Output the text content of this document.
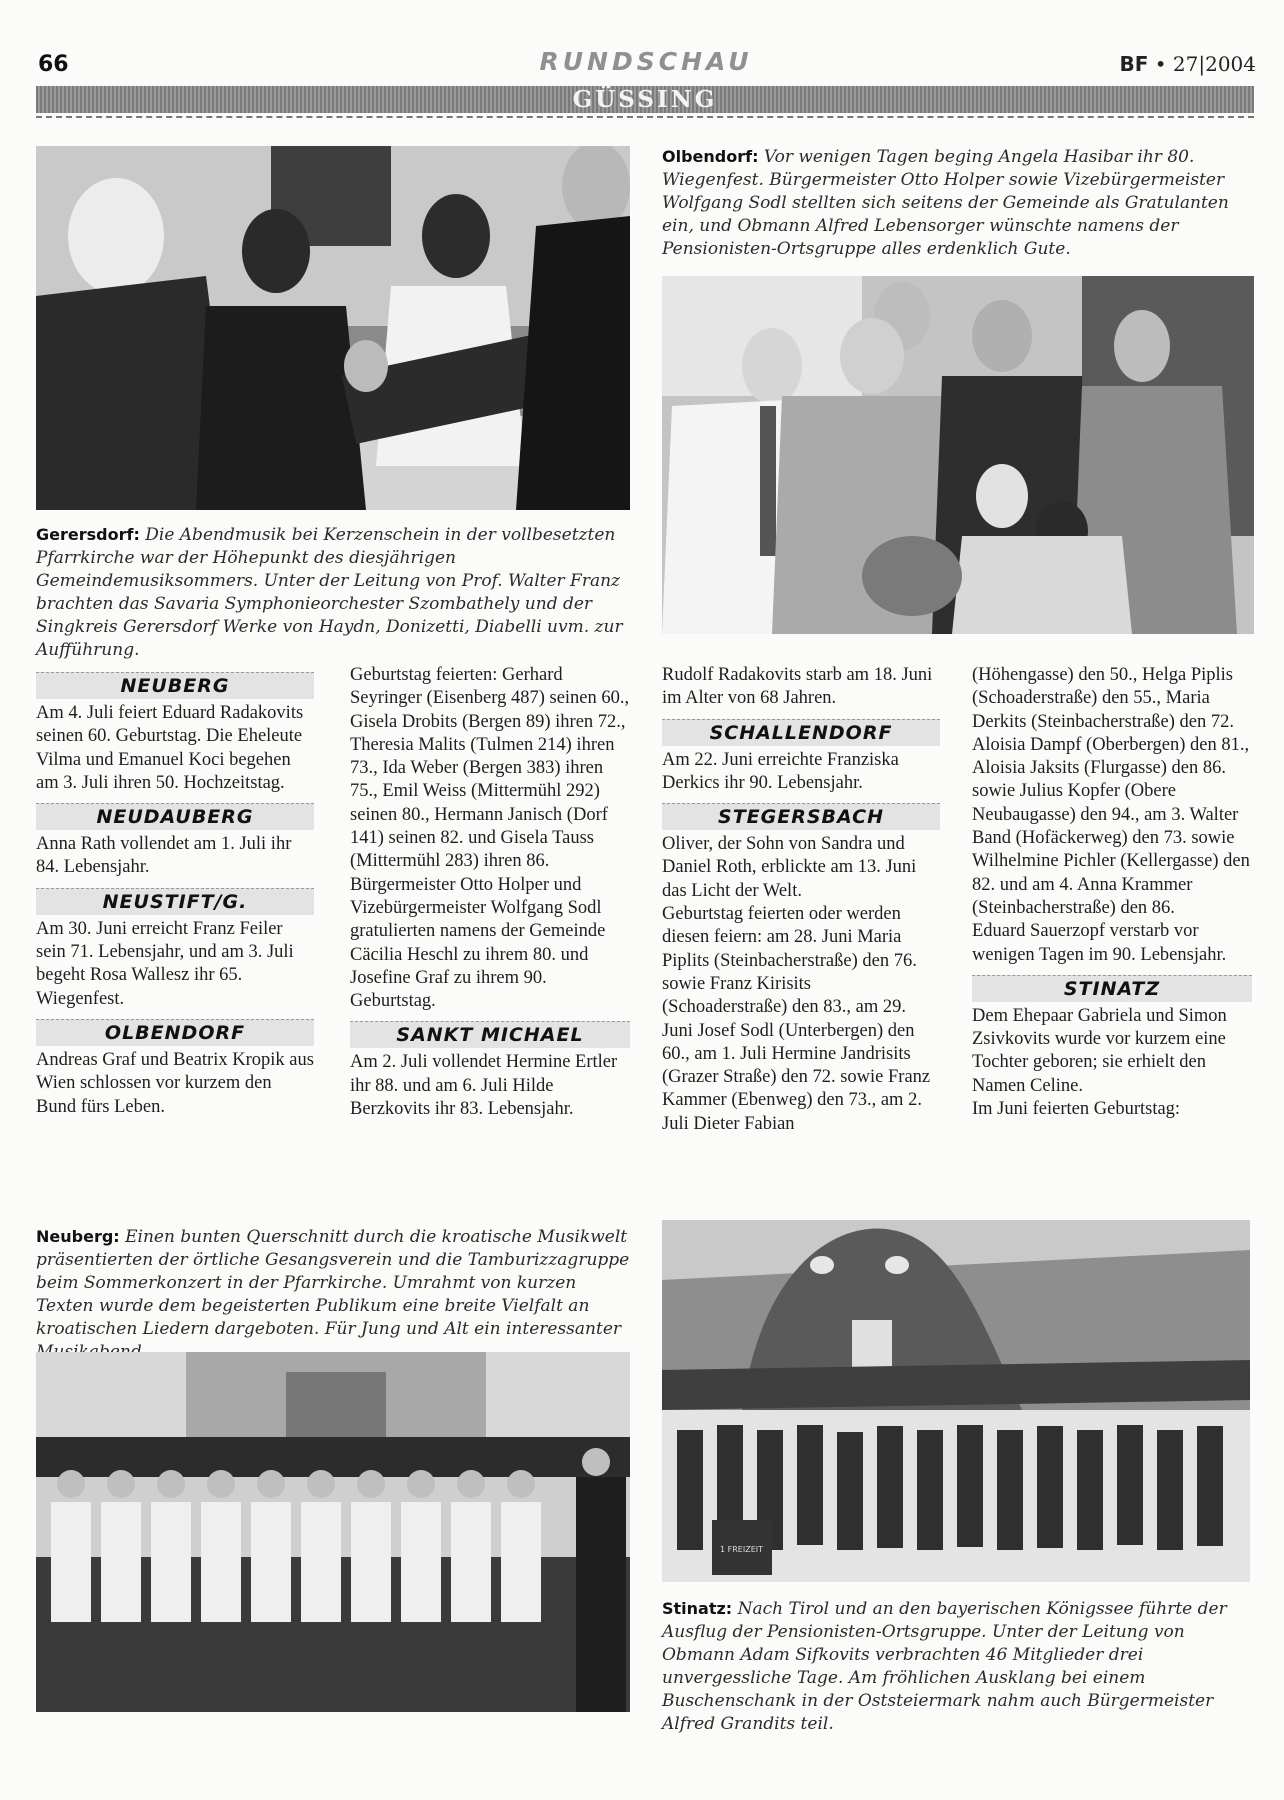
66	RUNDSCHAU	BF • 27|2004
GÜSSING
Gerersdorf: Die Abendmusik bei Kerzenschein in der vollbesetzten Pfarrkirche war der Höhepunkt des diesjährigen Gemeindemusiksommers. Unter der Leitung von Prof. Walter Franz brachten das Savaria Symphonieorchester Szombathely und der Singkreis Gerersdorf Werke von Haydn, Donizetti, Diabelli uvm. zur Aufführung.
Olbendorf: Vor wenigen Tagen beging Angela Hasibar ihr 80. Wiegenfest. Bürgermeister Otto Holper sowie Vizebürgermeister Wolfgang Sodl stellten sich seitens der Gemeinde als Gratulanten ein, und Obmann Alfred Lebensorger wünschte namens der Pensionisten-Ortsgruppe alles erdenklich Gute.
NEUBERG

Am 4. Juli feiert Eduard Radakovits seinen 60. Geburtstag. Die Eheleute Vilma und Emanuel Koci begehen am 3. Juli ihren 50. Hochzeitstag.

NEUDAUBERG

Anna Rath vollendet am 1. Juli ihr 84. Lebensjahr.

NEUSTIFT/G.

Am 30. Juni erreicht Franz Feiler sein 71. Lebensjahr, und am 3. Juli begeht Rosa Wallesz ihr 65. Wiegenfest.

OLBENDORF

Andreas Graf und Beatrix Kropik aus Wien schlossen vor kurzem den Bund fürs Leben.

Geburtstag feierten: Gerhard Seyringer (Eisenberg 487) seinen 60., Gisela Drobits (Bergen 89) ihren 72., Theresia Malits (Tulmen 214) ihren 73., Ida Weber (Bergen 383) ihren 75., Emil Weiss (Mittermühl 292) seinen 80., Hermann Janisch (Dorf 141) seinen 82. und Gisela Tauss (Mittermühl 283) ihren 86.

Bürgermeister Otto Holper und Vizebürgermeister Wolfgang Sodl gratulierten namens der Gemeinde Cäcilia Heschl zu ihrem 80. und Josefine Graf zu ihrem 90. Geburtstag.

SANKT MICHAEL

Am 2. Juli vollendet Hermine Ertler ihr 88. und am 6. Juli Hilde Berzkovits ihr 83. Lebensjahr.

Rudolf Radakovits starb am 18. Juni im Alter von 68 Jahren.

SCHALLENDORF

Am 22. Juni erreichte Franziska Derkics ihr 90. Lebensjahr.

STEGERSBACH

Oliver, der Sohn von Sandra und Daniel Roth, erblickte am 13. Juni das Licht der Welt.

Geburtstag feierten oder werden diesen feiern: am 28. Juni Maria Piplits (Steinbacherstraße) den 76. sowie Franz Kirisits (Schoaderstraße) den 83., am 29. Juni Josef Sodl (Unterbergen) den 60., am 1. Juli Hermine Jandrisits (Grazer Straße) den 72. sowie Franz Kammer (Ebenweg) den 73., am 2. Juli Dieter Fabian

(Höhengasse) den 50., Helga Piplis (Schoaderstraße) den 55., Maria Derkits (Steinbacherstraße) den 72. Aloisia Dampf (Oberbergen) den 81., Aloisia Jaksits (Flurgasse) den 86. sowie Julius Kopfer (Obere Neubaugasse) den 94., am 3. Walter Band (Hofäckerweg) den 73. sowie Wilhelmine Pichler (Kellergasse) den 82. und am 4. Anna Krammer (Steinbacherstraße) den 86.

Eduard Sauerzopf verstarb vor wenigen Tagen im 90. Lebensjahr.

STINATZ

Dem Ehepaar Gabriela und Simon Zsivkovits wurde vor kurzem eine Tochter geboren; sie erhielt den Namen Celine.

Im Juni feierten Geburtstag:

Neuberg: Einen bunten Querschnitt durch die kroatische Musikwelt präsentierten der örtliche Gesangsverein und die Tamburizzagruppe beim Sommerkonzert in der Pfarrkirche. Umrahmt von kurzen Texten wurde dem begeisterten Publikum eine breite Vielfalt an kroatischen Liedern dargeboten. Für Jung und Alt ein interessanter
1 FREIZEIT
Stinatz: Nach Tirol und an den bayerischen Königssee führte der Ausflug der Pensionisten-Ortsgruppe. Unter der Leitung von Obmann Adam Sifkovits verbrachten 46 Mitglieder drei unvergessliche Tage. Am fröhlichen Ausklang bei einem Buschenschank in der Oststeiermark nahm auch Bürgermeister Alfred Grandits teil.
